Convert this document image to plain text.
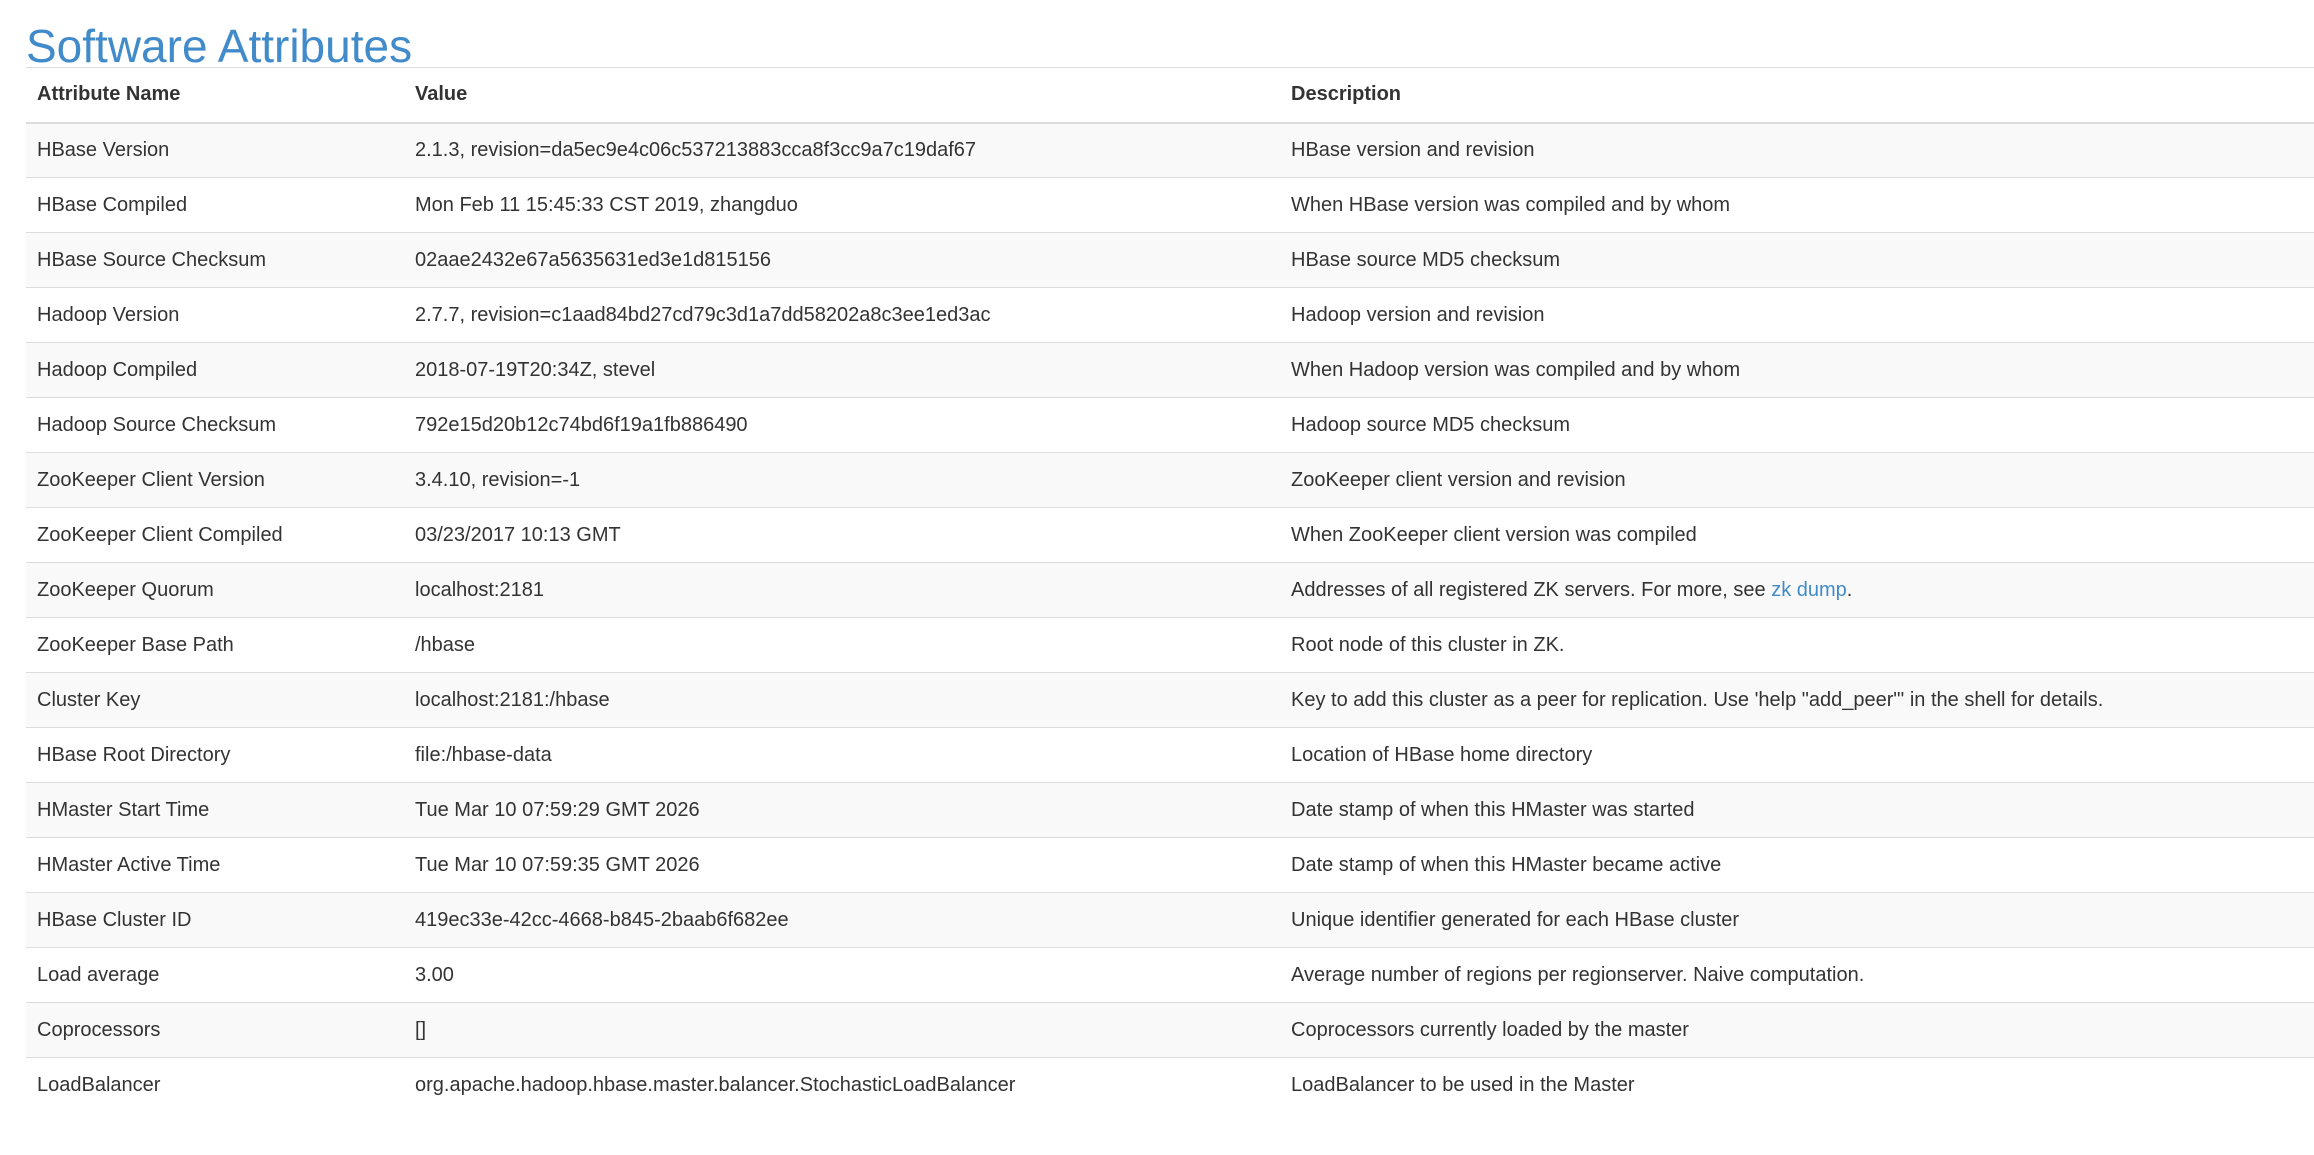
Software Attributes
Attribute Name	Value	Description
HBase Version	2.1.3, revision=da5ec9e4c06c537213883cca8f3cc9a7c19daf67	HBase version and revision
HBase Compiled	Mon Feb 11 15:45:33 CST 2019, zhangduo	When HBase version was compiled and by whom
HBase Source Checksum	02aae2432e67a5635631ed3e1d815156	HBase source MD5 checksum
Hadoop Version	2.7.7, revision=c1aad84bd27cd79c3d1a7dd58202a8c3ee1ed3ac	Hadoop version and revision
Hadoop Compiled	2018-07-19T20:34Z, stevel	When Hadoop version was compiled and by whom
Hadoop Source Checksum	792e15d20b12c74bd6f19a1fb886490	Hadoop source MD5 checksum
ZooKeeper Client Version	3.4.10, revision=-1	ZooKeeper client version and revision
ZooKeeper Client Compiled	03/23/2017 10:13 GMT	When ZooKeeper client version was compiled
ZooKeeper Quorum	localhost:2181	Addresses of all registered ZK servers. For more, see zk dump.
ZooKeeper Base Path	/hbase	Root node of this cluster in ZK.
Cluster Key	localhost:2181:/hbase	Key to add this cluster as a peer for replication. Use 'help "add_peer"' in the shell for details.
HBase Root Directory	file:/hbase-data	Location of HBase home directory
HMaster Start Time	Tue Mar 10 07:59:29 GMT 2026	Date stamp of when this HMaster was started
HMaster Active Time	Tue Mar 10 07:59:35 GMT 2026	Date stamp of when this HMaster became active
HBase Cluster ID	419ec33e-42cc-4668-b845-2baab6f682ee	Unique identifier generated for each HBase cluster
Load average	3.00	Average number of regions per regionserver. Naive computation.
Coprocessors	[]	Coprocessors currently loaded by the master
LoadBalancer	org.apache.hadoop.hbase.master.balancer.StochasticLoadBalancer	LoadBalancer to be used in the Master
